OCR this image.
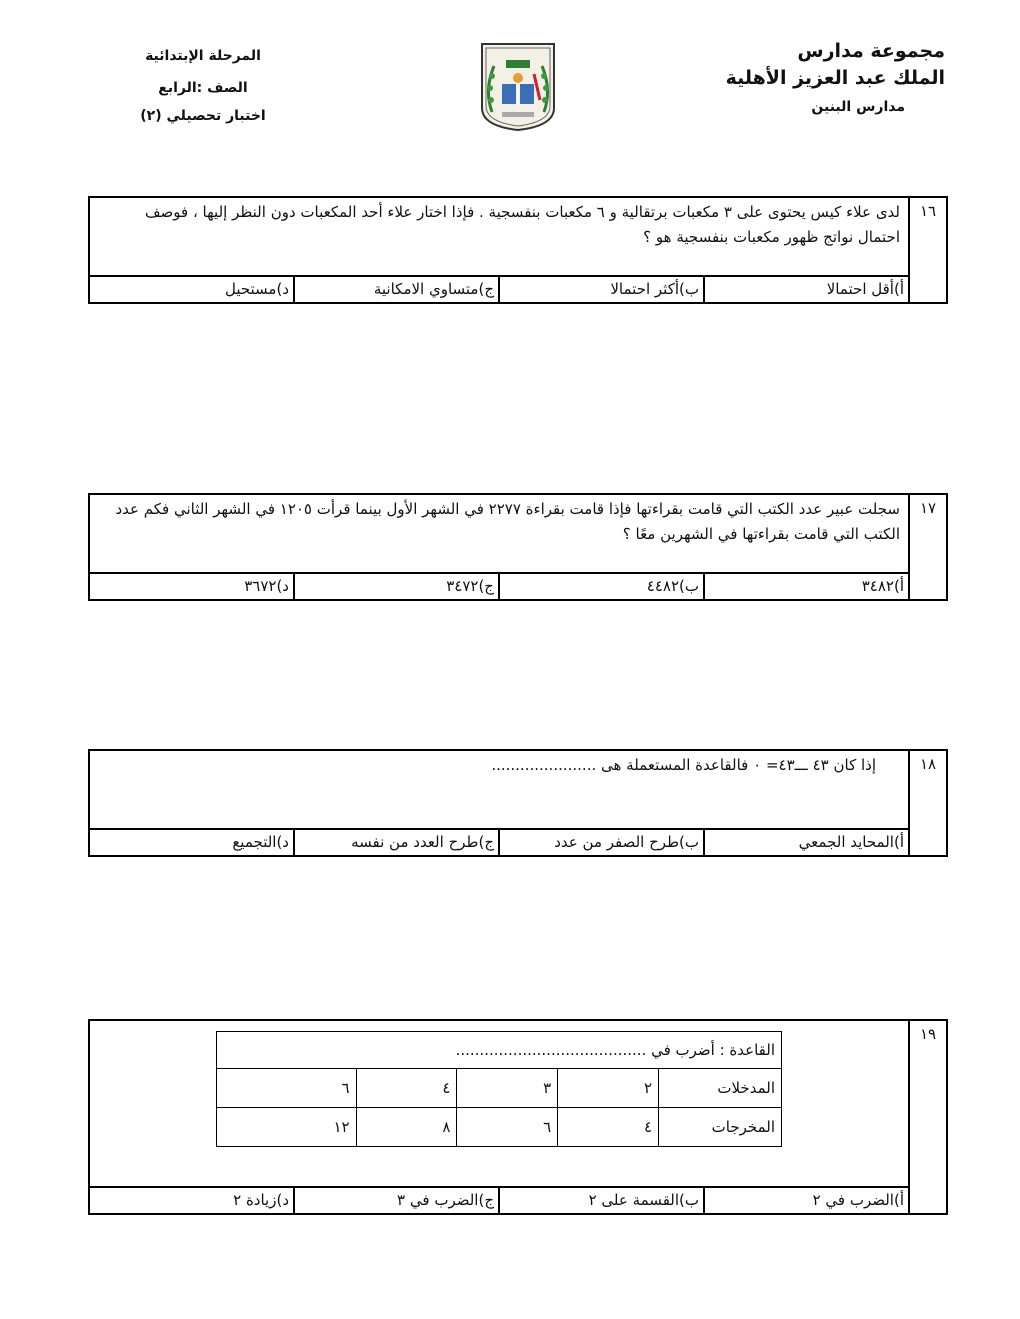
مجموعة مدارس
الملك عبد العزيز الأهلية
مدارس البنين
المرحلة الإبتدائية
الصف :الرابع
اختبار تحصيلي (٢)
١٦
لدى علاء كيس يحتوى على ٣ مكعبات برتقالية و ٦ مكعبات بنفسجية . فإذا اختار علاء أحد المكعبات دون النظر إليها ، فوصف احتمال نواتج ظهور مكعبات بنفسجية هو ؟
أ)أقل احتمالا
ب)أكثر احتمالا
ج)متساوي الامكانية
د)مستحيل
١٧
سجلت عبير عدد الكتب التي قامت بقراءتها فإذا قامت بقراءة ٢٢٧٧ في الشهر الأول بينما قرأت ١٢٠٥ في الشهر الثاني فكم عدد الكتب التي قامت بقراءتها في الشهرين معًا ؟
أ)٣٤٨٢
ب)٤٤٨٢
ج)٣٤٧٢
د)٣٦٧٢
١٨
إذا كان ٤٣ ـــ٤٣= ٠ فالقاعدة المستعملة هى ......................
أ)المحايد الجمعي
ب)طرح الصفر من عدد
ج)طرح العدد من نفسه
د)التجميع
١٩
القاعدة : أضرب في ........................................				
المدخلات	٢	٣	٤	٦
المخرجات	٤	٦	٨	١٢
أ)الضرب في ٢
ب)القسمة على ٢
ج)الضرب في ٣
د)زيادة ٢
